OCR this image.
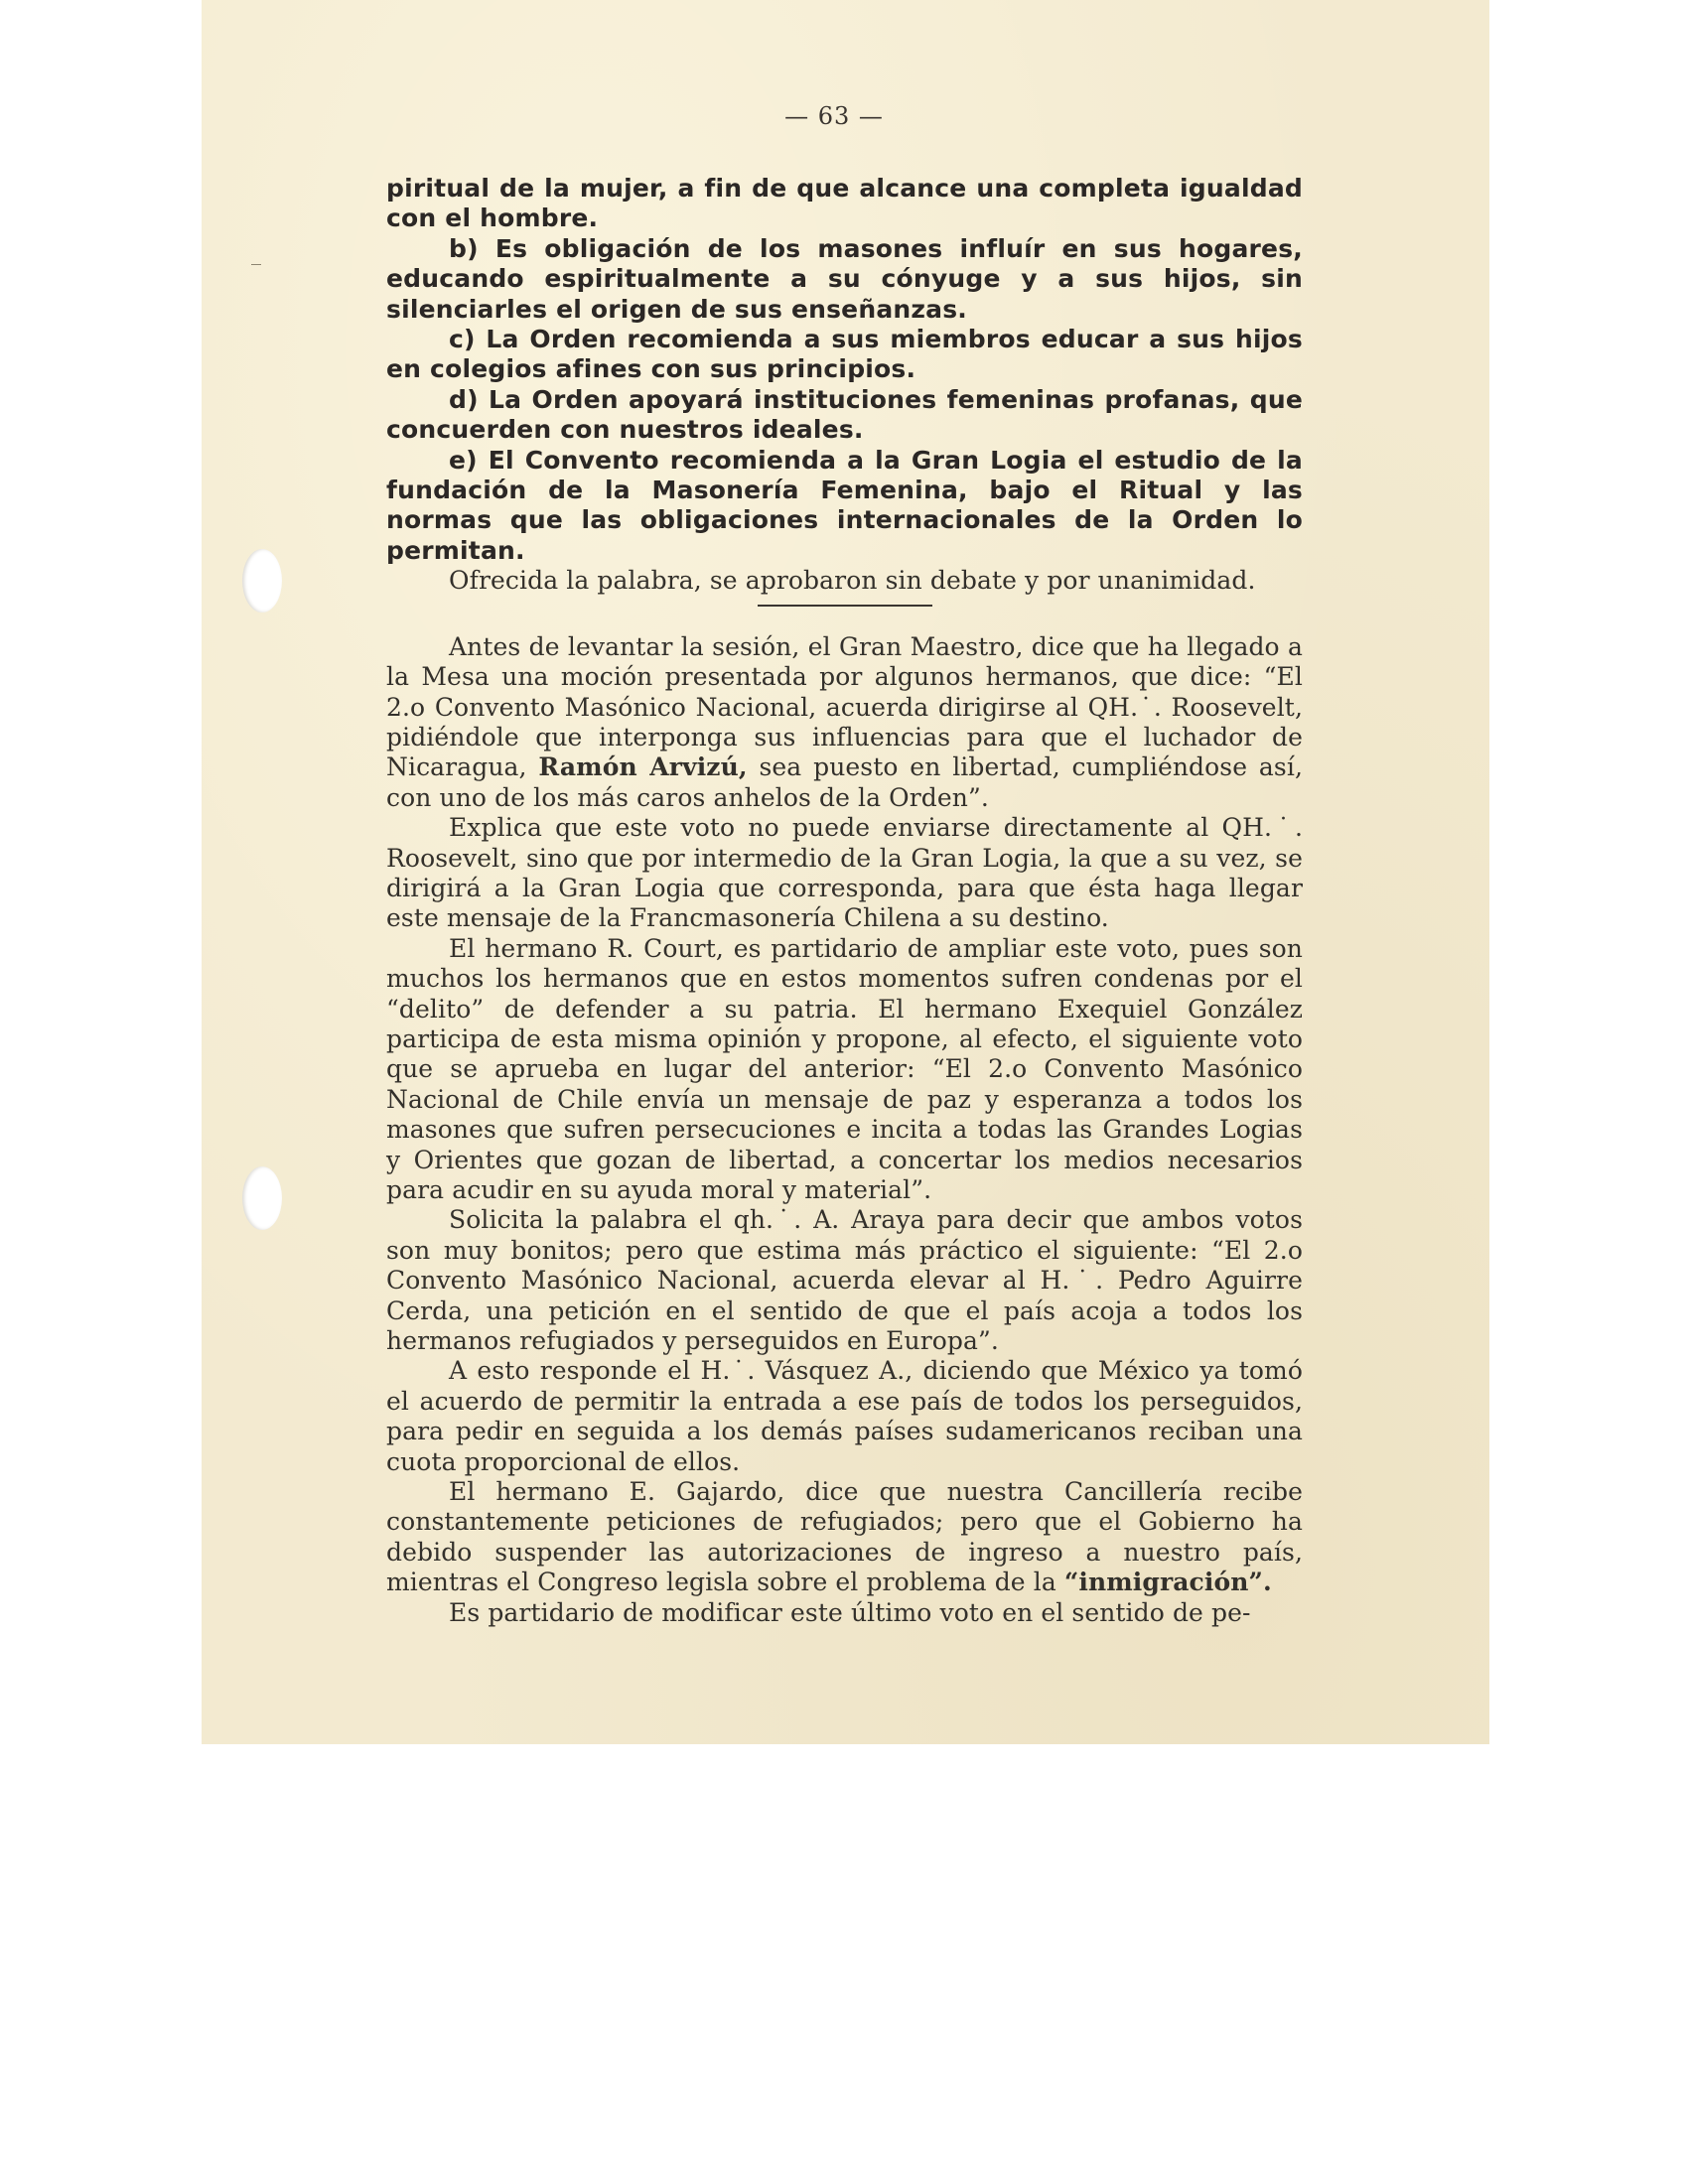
— 63 —

piritual de la mujer, a fin de que alcance una completa igualdad con el hombre.

b) Es obligación de los masones influír en sus hogares, educando espiritualmente a su cónyuge y a sus hijos, sin silenciarles el origen de sus enseñanzas.

c) La Orden recomienda a sus miembros educar a sus hijos en colegios afines con sus principios.

d) La Orden apoyará instituciones femeninas profanas, que concuerden con nuestros ideales.

e) El Convento recomienda a la Gran Logia el estudio de la fundación de la Masonería Femenina, bajo el Ritual y las normas que las obligaciones internacionales de la Orden lo permitan.

Ofrecida la palabra, se aprobaron sin debate y por unanimidad.

Antes de levantar la sesión, el Gran Maestro, dice que ha llegado a la Mesa una moción presentada por algunos hermanos, que dice: “El 2.o Convento Masónico Nacional, acuerda dirigirse al QH.˙. Roosevelt, pidiéndole que interponga sus influencias para que el luchador de Nicaragua, Ramón Arvizú, sea puesto en libertad, cumpliéndose así, con uno de los más caros anhelos de la Orden”.

Explica que este voto no puede enviarse directamente al QH.˙. Roosevelt, sino que por intermedio de la Gran Logia, la que a su vez, se dirigirá a la Gran Logia que corresponda, para que ésta haga llegar este mensaje de la Francmasonería Chilena a su destino.

El hermano R. Court, es partidario de ampliar este voto, pues son muchos los hermanos que en estos momentos sufren condenas por el “delito” de defender a su patria. El hermano Exequiel González participa de esta misma opinión y propone, al efecto, el siguiente voto que se aprueba en lugar del anterior: “El 2.o Convento Masónico Nacional de Chile envía un mensaje de paz y esperanza a todos los masones que sufren persecuciones e incita a todas las Grandes Logias y Orientes que gozan de libertad, a concertar los medios necesarios para acudir en su ayuda moral y material”.

Solicita la palabra el qh.˙. A. Araya para decir que ambos votos son muy bonitos; pero que estima más práctico el siguiente: “El 2.o Convento Masónico Nacional, acuerda elevar al H.˙. Pedro Aguirre Cerda, una petición en el sentido de que el país acoja a todos los hermanos refugiados y perseguidos en Europa”.

A esto responde el H.˙. Vásquez A., diciendo que México ya tomó el acuerdo de permitir la entrada a ese país de todos los perseguidos, para pedir en seguida a los demás países sudamericanos reciban una cuota proporcional de ellos.

El hermano E. Gajardo, dice que nuestra Cancillería recibe constantemente peticiones de refugiados; pero que el Gobierno ha debido suspender las autorizaciones de ingreso a nuestro país, mientras el Congreso legisla sobre el problema de la “inmigración”.

Es partidario de modificar este último voto en el sentido de pe-
